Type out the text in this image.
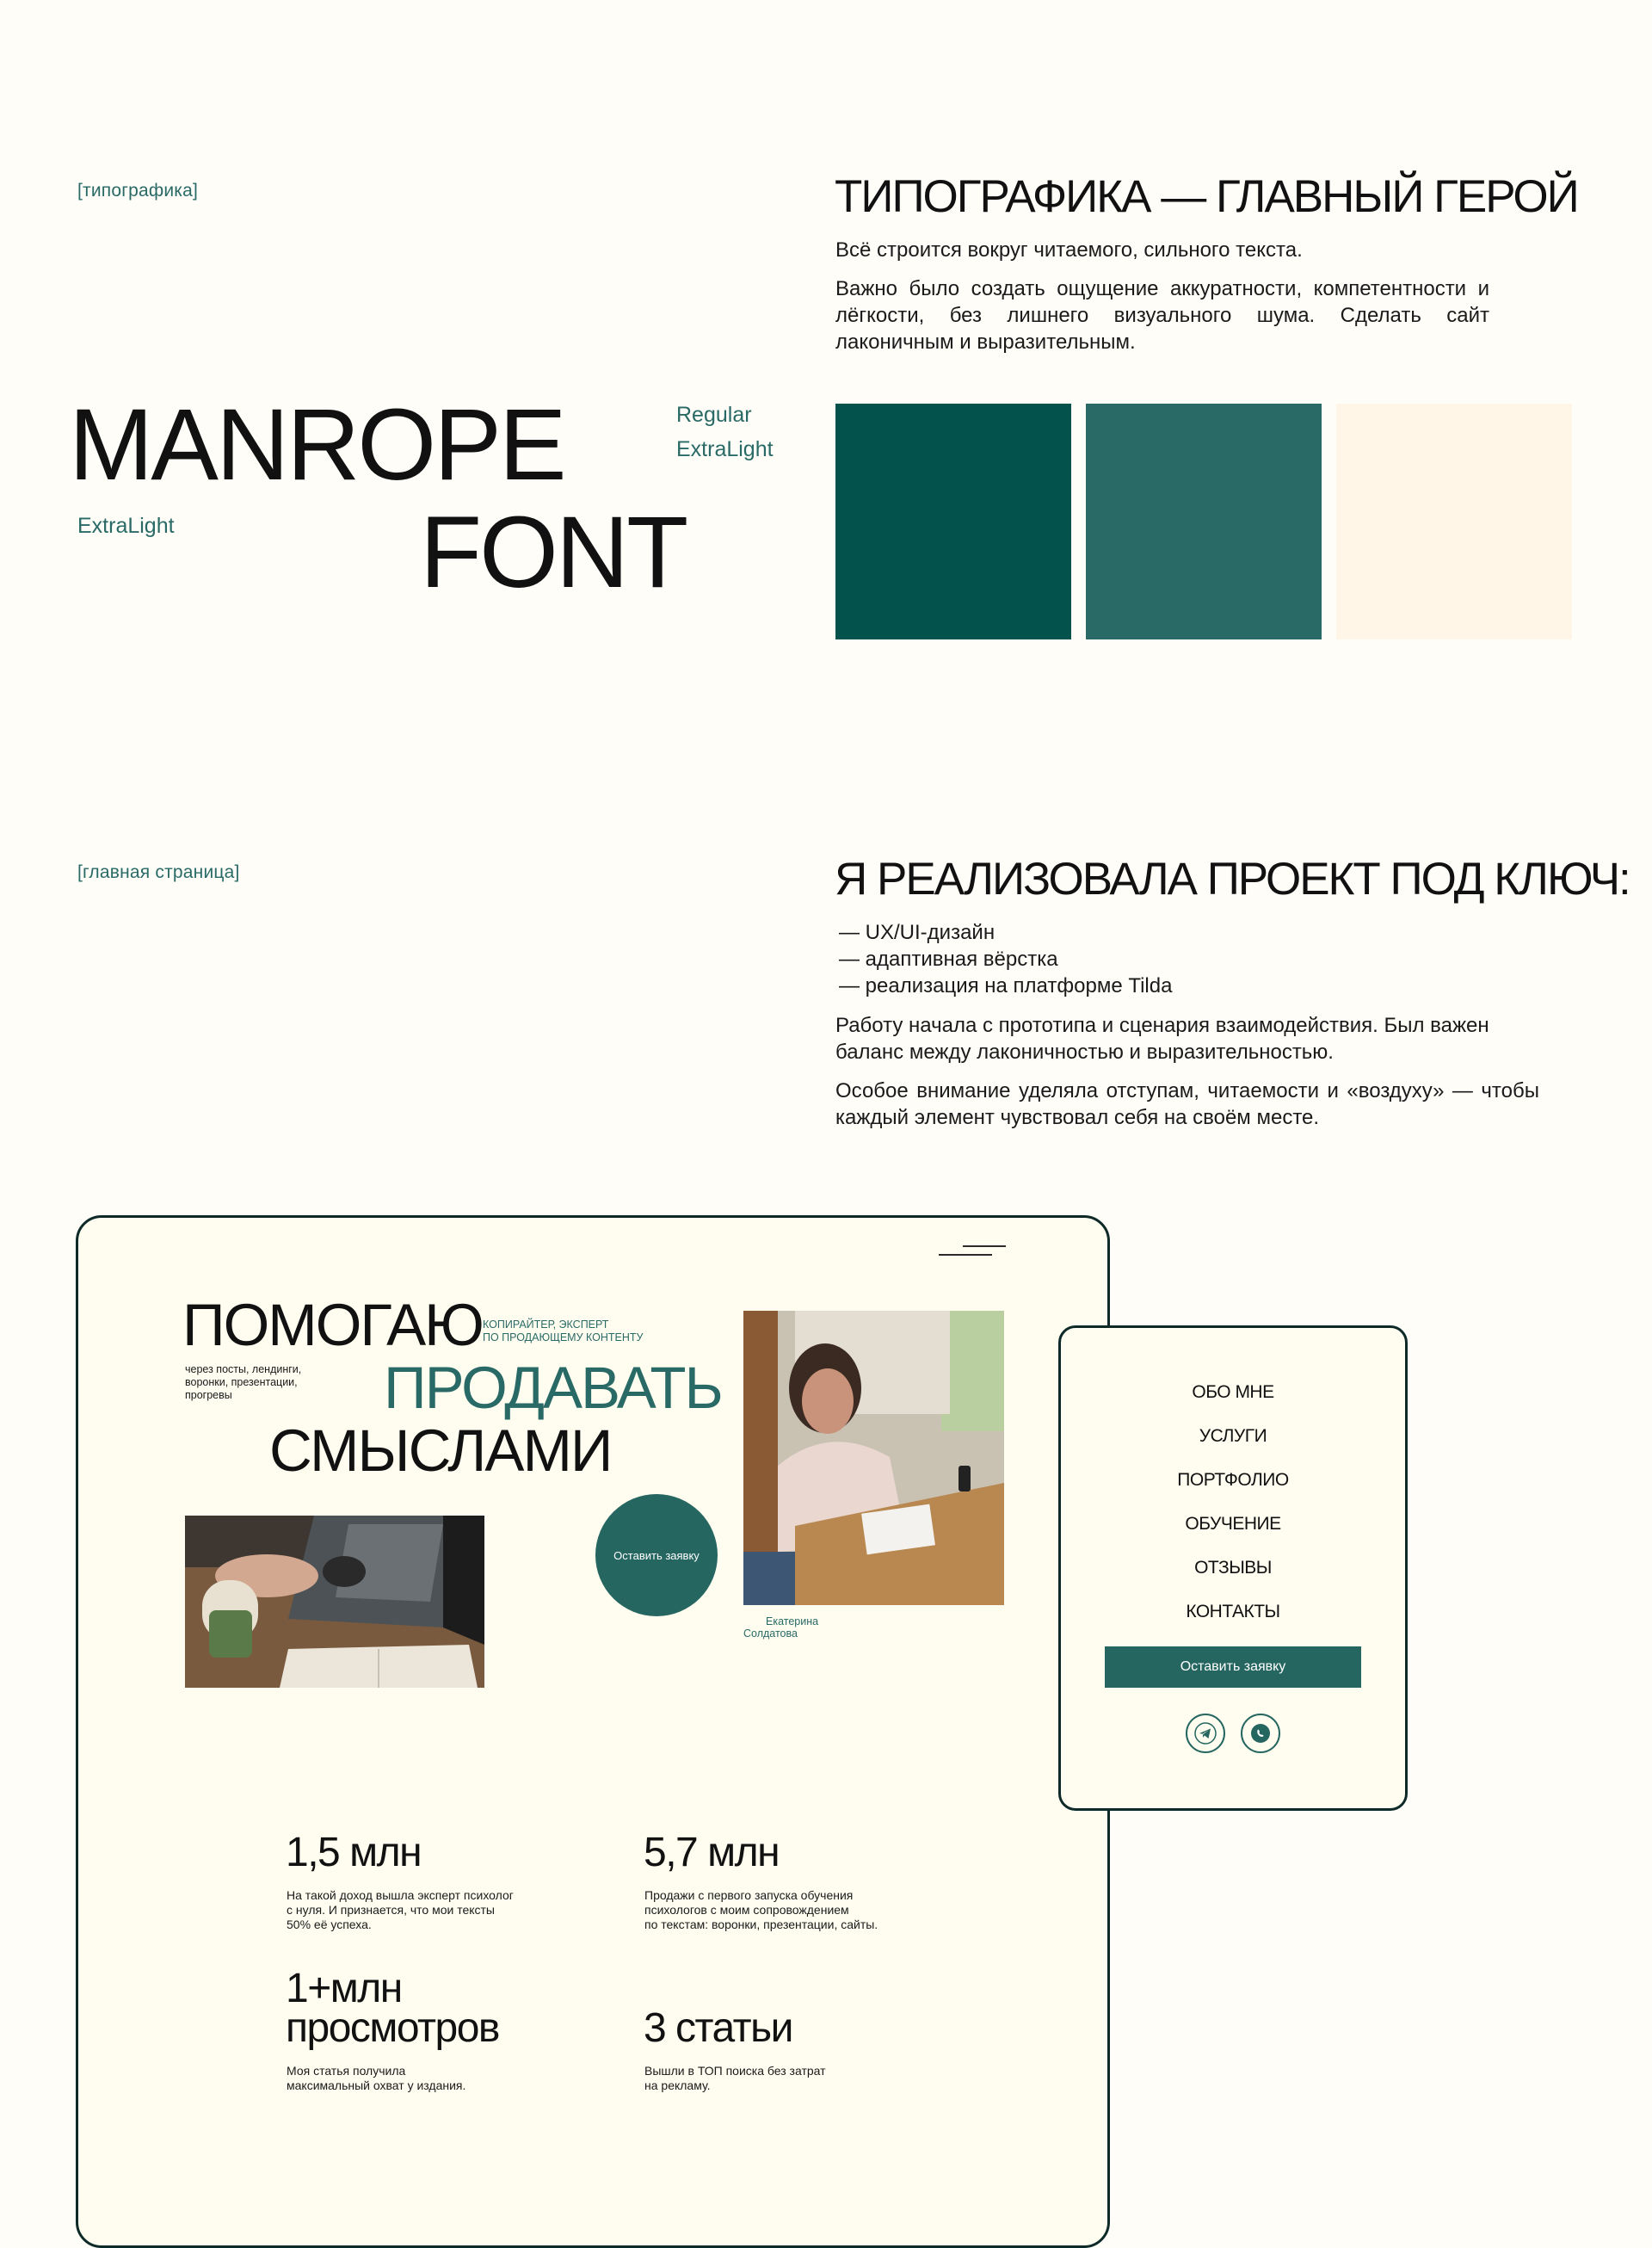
[типографика]	ТИПОГРАФИКА — ГЛАВНЫЙ ГЕРОЙ
Всё строится вокруг читаемого, сильного текста.
Важно было создать ощущение аккуратности, компетентности и лёгкости, без лишнего визуального шума. Сделать сайт лаконичным и выразительным.
MANROPE
FONT
ExtraLight
Regular
ExtraLight
[главная страница]	Я РЕАЛИЗОВАЛА ПРОЕКТ ПОД КЛЮЧ:
— UX/UI-дизайн
— адаптивная вёрстка
— реализация на платформе Tilda
Работу начала с прототипа и сценария взаимодействия. Был важен баланс между лаконичностью и выразительностью.
Особое внимание уделяла отступам, читаемости и «воздуху» — чтобы каждый элемент чувствовал себя на своём месте.
ПОМОГАЮ КОПИРАЙТЕР, ЭКСПЕРТ
ПО ПРОДАЮЩЕМУ КОНТЕНТУ
через посты, лендинги,
воронки, презентации,
прогревы	ПРОДАВАТЬ
СМЫСЛАМИ
Оставить заявку
Екатерина
Солдатова
1,5 млн
На такой доход вышла эксперт психолог
с нуля. И признается, что мои тексты
50% её успеха.
5,7 млн
Продажи с первого запуска обучения
психологов с моим сопровождением
по текстам: воронки, презентации, сайты.
1+млн
просмотров
Моя статья получила
максимальный охват у издания.
3 статьи
Вышли в ТОП поиска без затрат
на рекламу.
ОБО МНЕ
УСЛУГИ
ПОРТФОЛИО
ОБУЧЕНИЕ
ОТЗЫВЫ
КОНТАКТЫ
Оставить заявку
